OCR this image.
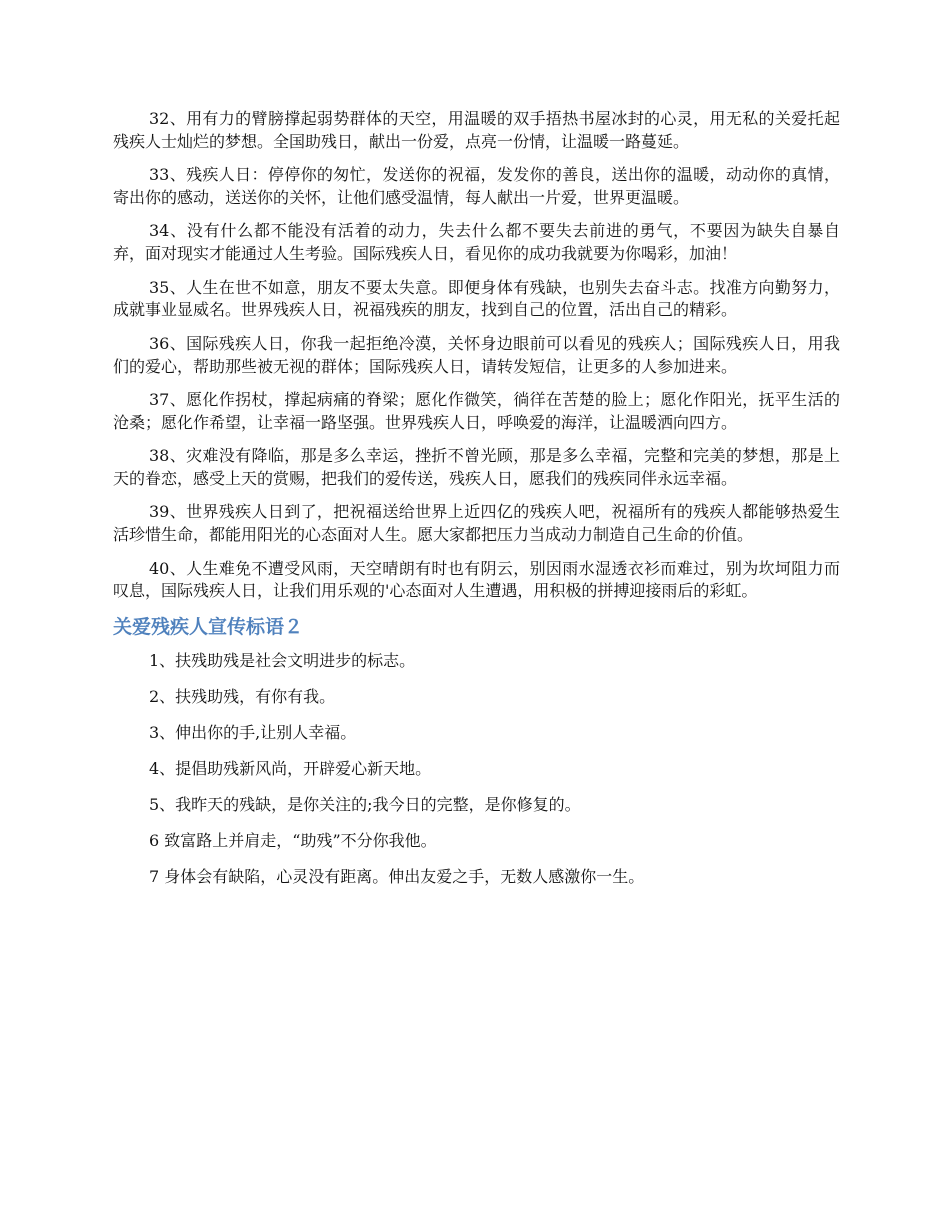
32、用有力的臂膀撑起弱势群体的天空，用温暖的双手捂热书屋冰封的心灵，用无私的关爱托起残疾人士灿烂的梦想。全国助残日，献出一份爱，点亮一份情，让温暖一路蔓延。

33、残疾人日：停停你的匆忙，发送你的祝福，发发你的善良，送出你的温暖，动动你的真情，寄出你的感动，送送你的关怀，让他们感受温情，每人献出一片爱，世界更温暖。

34、没有什么都不能没有活着的动力，失去什么都不要失去前进的勇气，不要因为缺失自暴自弃，面对现实才能通过人生考验。国际残疾人日，看见你的成功我就要为你喝彩，加油！

35、人生在世不如意，朋友不要太失意。即便身体有残缺，也别失去奋斗志。找准方向勤努力，成就事业显威名。世界残疾人日，祝福残疾的朋友，找到自己的位置，活出自己的精彩。

36、国际残疾人日，你我一起拒绝冷漠，关怀身边眼前可以看见的残疾人；国际残疾人日，用我们的爱心，帮助那些被无视的群体；国际残疾人日，请转发短信，让更多的人参加进来。

37、愿化作拐杖，撑起病痛的脊梁；愿化作微笑，徜徉在苦楚的脸上；愿化作阳光，抚平生活的沧桑；愿化作希望，让幸福一路坚强。世界残疾人日，呼唤爱的海洋，让温暖洒向四方。

38、灾难没有降临，那是多么幸运，挫折不曾光顾，那是多么幸福，完整和完美的梦想，那是上天的眷恋，感受上天的赏赐，把我们的爱传送，残疾人日，愿我们的残疾同伴永远幸福。

39、世界残疾人日到了，把祝福送给世界上近四亿的残疾人吧，祝福所有的残疾人都能够热爱生活珍惜生命，都能用阳光的心态面对人生。愿大家都把压力当成动力制造自己生命的价值。

40、人生难免不遭受风雨，天空晴朗有时也有阴云，别因雨水湿透衣衫而难过，别为坎坷阻力而叹息，国际残疾人日，让我们用乐观的'心态面对人生遭遇，用积极的拼搏迎接雨后的彩虹。

关爱残疾人宣传标语２

1、扶残助残是社会文明进步的标志。

2、扶残助残，有你有我。

3、伸出你的手,让别人幸福。

4、提倡助残新风尚，开辟爱心新天地。

5、我昨天的残缺，是你关注的;我今日的完整，是你修复的。

6 致富路上并肩走，“助残”不分你我他。

7 身体会有缺陷，心灵没有距离。伸出友爱之手，无数人感激你一生。
